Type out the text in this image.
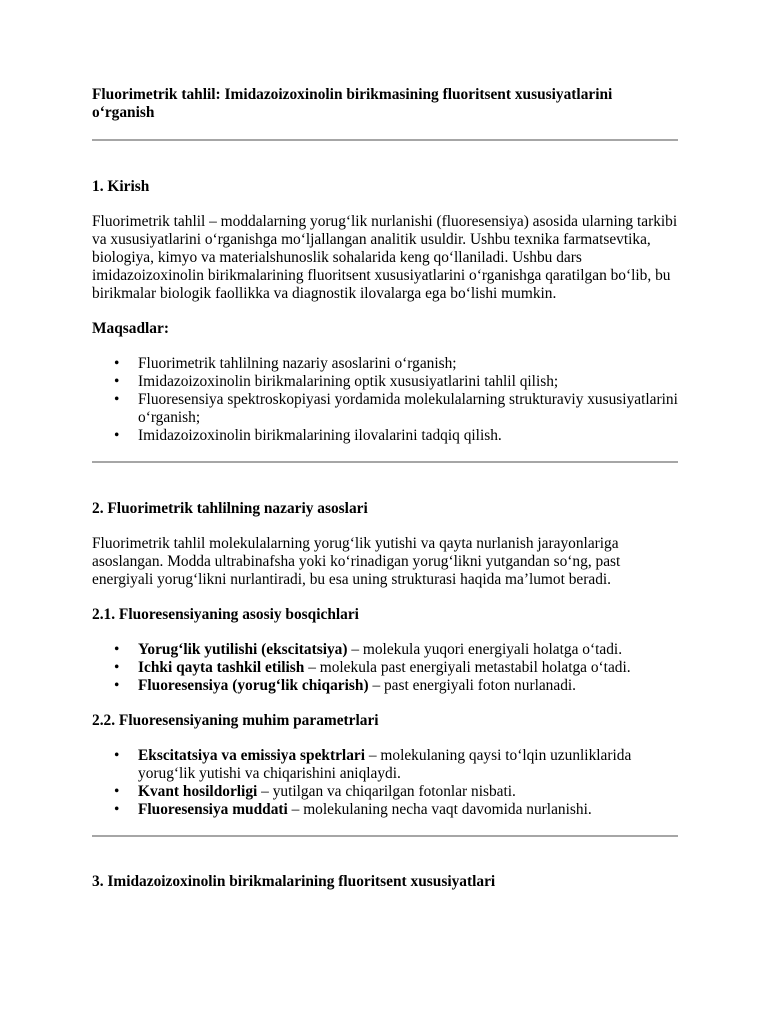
Fluorimetrik tahlil: Imidazoizoxinolin birikmasining fluoritsent xususiyatlarini o‘rganish

1. Kirish

Fluorimetrik tahlil – moddalarning yorug‘lik nurlanishi (fluoresensiya) asosida ularning tarkibi va xususiyatlarini o‘rganishga mo‘ljallangan analitik usuldir. Ushbu texnika farmatsevtika, biologiya, kimyo va materialshunoslik sohalarida keng qo‘llaniladi. Ushbu dars imidazoizoxinolin birikmalarining fluoritsent xususiyatlarini o‘rganishga qaratilgan bo‘lib, bu birikmalar biologik faollikka va diagnostik ilovalarga ega bo‘lishi mumkin.

Maqsadlar:
• Fluorimetrik tahlilning nazariy asoslarini o‘rganish;
• Imidazoizoxinolin birikmalarining optik xususiyatlarini tahlil qilish;
• Fluoresensiya spektroskopiyasi yordamida molekulalarning strukturaviy xususiyatlarini o‘rganish;
• Imidazoizoxinolin birikmalarining ilovalarini tadqiq qilish.
2. Fluorimetrik tahlilning nazariy asoslari

Fluorimetrik tahlil molekulalarning yorug‘lik yutishi va qayta nurlanish jarayonlariga asoslangan. Modda ultrabinafsha yoki ko‘rinadigan yorug‘likni yutgandan so‘ng, past energiyali yorug‘likni nurlantiradi, bu esa uning strukturasi haqida ma’lumot beradi.

2.1. Fluoresensiyaning asosiy bosqichlari
• Yorug‘lik yutilishi (ekscitatsiya) – molekula yuqori energiyali holatga o‘tadi.
• Ichki qayta tashkil etilish – molekula past energiyali metastabil holatga o‘tadi.
• Fluoresensiya (yorug‘lik chiqarish) – past energiyali foton nurlanadi.
2.2. Fluoresensiyaning muhim parametrlari
• Ekscitatsiya va emissiya spektrlari – molekulaning qaysi to‘lqin uzunliklarida yorug‘lik yutishi va chiqarishini aniqlaydi.
• Kvant hosildorligi – yutilgan va chiqarilgan fotonlar nisbati.
• Fluoresensiya muddati – molekulaning necha vaqt davomida nurlanishi.
3. Imidazoizoxinolin birikmalarining fluoritsent xususiyatlari
